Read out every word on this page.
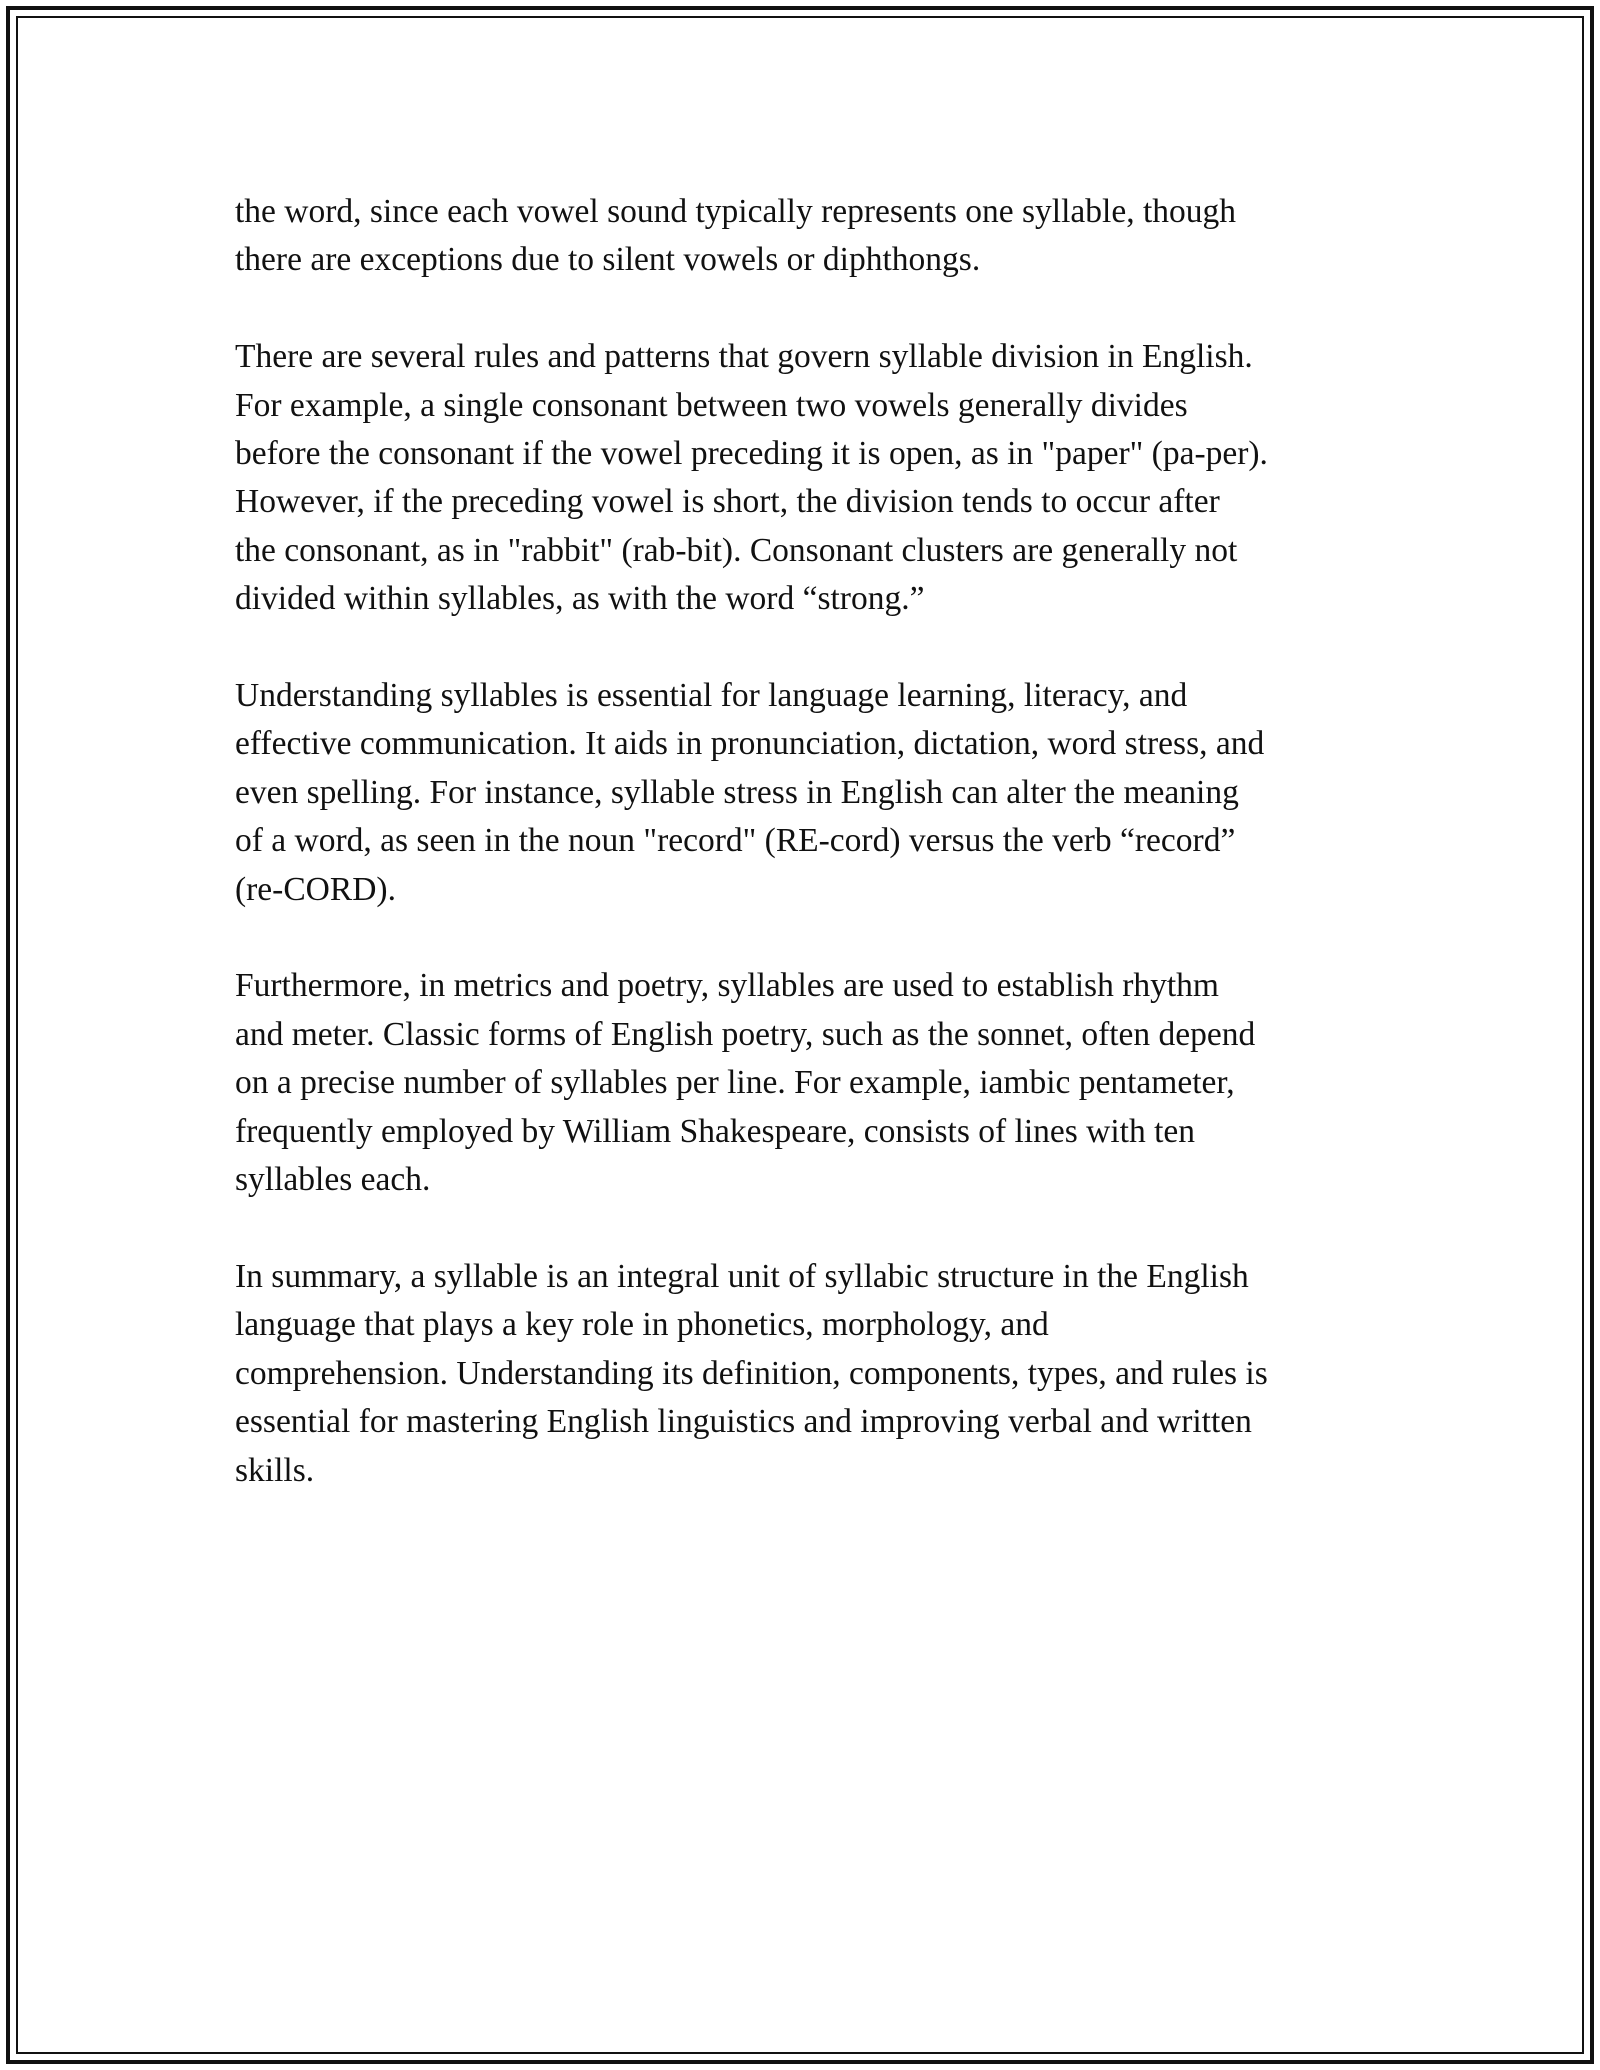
the word, since each vowel sound typically represents one syllable, though
there are exceptions due to silent vowels or diphthongs.

There are several rules and patterns that govern syllable division in English.
For example, a single consonant between two vowels generally divides
before the consonant if the vowel preceding it is open, as in "paper" (pa-per).
However, if the preceding vowel is short, the division tends to occur after
the consonant, as in "rabbit" (rab-bit). Consonant clusters are generally not
divided within syllables, as with the word “strong.”

Understanding syllables is essential for language learning, literacy, and
effective communication. It aids in pronunciation, dictation, word stress, and
even spelling. For instance, syllable stress in English can alter the meaning
of a word, as seen in the noun "record" (RE-cord) versus the verb “record”
(re-CORD).

Furthermore, in metrics and poetry, syllables are used to establish rhythm
and meter. Classic forms of English poetry, such as the sonnet, often depend
on a precise number of syllables per line. For example, iambic pentameter,
frequently employed by William Shakespeare, consists of lines with ten
syllables each.

In summary, a syllable is an integral unit of syllabic structure in the English
language that plays a key role in phonetics, morphology, and
comprehension. Understanding its definition, components, types, and rules is
essential for mastering English linguistics and improving verbal and written
skills.
